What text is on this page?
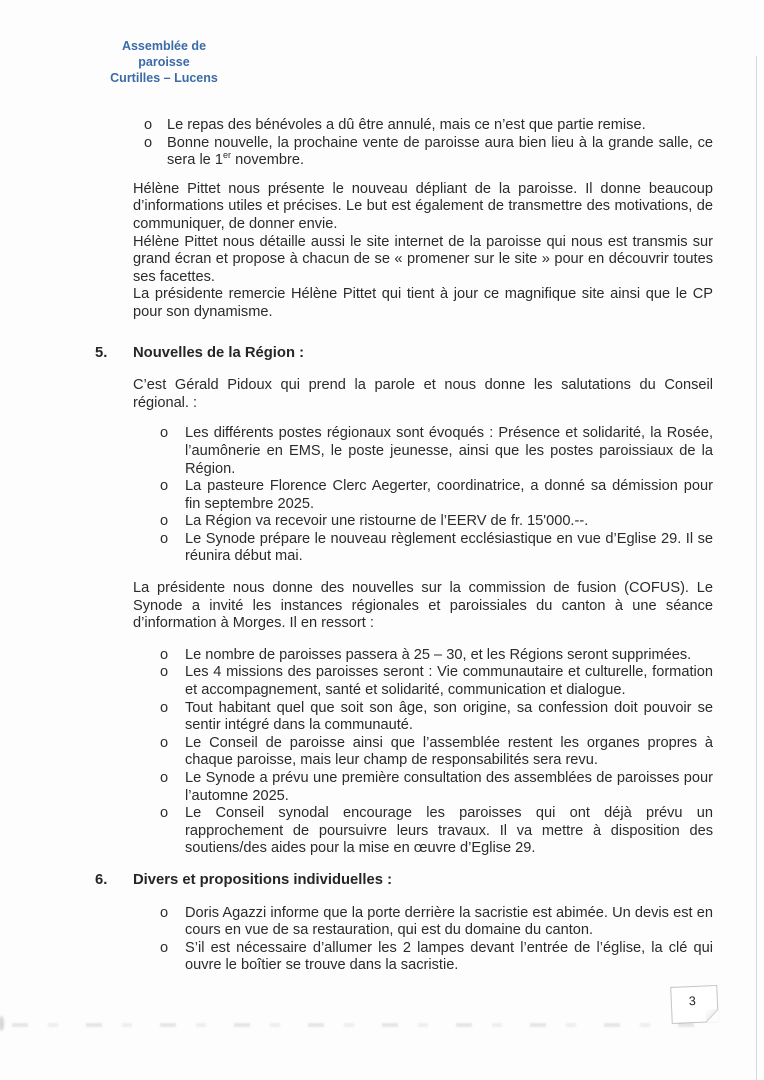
Assemblée de paroisse
Curtilles – Lucens
o	Le repas des bénévoles a dû être annulé, mais ce n’est que partie remise.
o	Bonne nouvelle, la prochaine vente de paroisse aura bien lieu à la grande salle, ce sera le 1er novembre.

Hélène Pittet nous présente le nouveau dépliant de la paroisse. Il donne beaucoup d’informations utiles et précises. Le but est également de transmettre des motivations, de communiquer, de donner envie.

Hélène Pittet nous détaille aussi le site internet de la paroisse qui nous est transmis sur grand écran et propose à chacun de se « promener sur le site » pour en découvrir toutes ses facettes.

La présidente remercie Hélène Pittet qui tient à jour ce magnifique site ainsi que le CP pour son dynamisme.

5. Nouvelles de la Région :

C’est Gérald Pidoux qui prend la parole et nous donne les salutations du Conseil régional. :

o	Les différents postes régionaux sont évoqués : Présence et solidarité, la Rosée, l’aumônerie en EMS, le poste jeunesse, ainsi que les postes paroissiaux de la Région.
o	La pasteure Florence Clerc Aegerter, coordinatrice, a donné sa démission pour fin septembre 2025.
o	La Région va recevoir une ristourne de l’EERV de fr. 15'000.--.
o	Le Synode prépare le nouveau règlement ecclésiastique en vue d’Eglise 29. Il se réunira début mai.

La présidente nous donne des nouvelles sur la commission de fusion (COFUS). Le Synode a invité les instances régionales et paroissiales du canton à une séance d’information à Morges. Il en ressort :

o	Le nombre de paroisses passera à 25 – 30, et les Régions seront supprimées.
o	Les 4 missions des paroisses seront : Vie communautaire et culturelle, formation et accompagnement, santé et solidarité, communication et dialogue.
o	Tout habitant quel que soit son âge, son origine, sa confession doit pouvoir se sentir intégré dans la communauté.
o	Le Conseil de paroisse ainsi que l’assemblée restent les organes propres à chaque paroisse, mais leur champ de responsabilités sera revu.
o	Le Synode a prévu une première consultation des assemblées de paroisses pour l’automne 2025.
o	Le Conseil synodal encourage les paroisses qui ont déjà prévu un rapprochement de poursuivre leurs travaux. Il va mettre à disposition des soutiens/des aides pour la mise en œuvre d’Eglise 29.
6. Divers et propositions individuelles :
o	Doris Agazzi informe que la porte derrière la sacristie est abimée. Un devis est en cours en vue de sa restauration, qui est du domaine du canton.
o	S’il est nécessaire d’allumer les 2 lampes devant l’entrée de l’église, la clé qui ouvre le boîtier se trouve dans la sacristie.
3
